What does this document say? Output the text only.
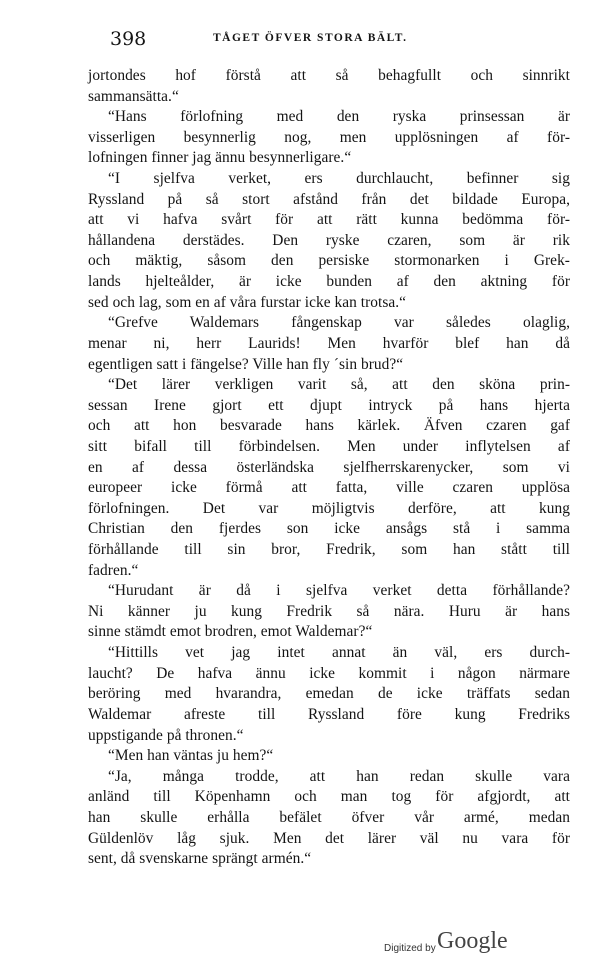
398	TÅGET ÖFVER STORA BÄLT.
jortondes hof förstå att så behagfullt och sinnrikt
sammansätta.“
“Hans förlofning med den ryska prinsessan är
visserligen besynnerlig nog, men upplösningen af för-
lofningen finner jag ännu besynnerligare.“
“I sjelfva verket, ers durchlaucht, befinner sig
Ryssland på så stort afstånd från det bildade Europa,
att vi hafva svårt för att rätt kunna bedömma för-
hållandena derstädes. Den ryske czaren, som är rik
och mäktig, såsom den persiske stormonarken i Grek-
lands hjelteålder, är icke bunden af den aktning för
sed och lag, som en af våra furstar icke kan trotsa.“
“Grefve Waldemars fångenskap var således olaglig,
menar ni, herr Laurids! Men hvarför blef han då
egentligen satt i fängelse? Ville han fly ˊsin brud?“
“Det lärer verkligen varit så, att den sköna prin-
sessan Irene gjort ett djupt intryck på hans hjerta
och att hon besvarade hans kärlek. Äfven czaren gaf
sitt bifall till förbindelsen. Men under inflytelsen af
en af dessa österländska sjelfherrskarenycker, som vi
europeer icke förmå att fatta, ville czaren upplösa
förlofningen. Det var möjligtvis derföre, att kung
Christian den fjerdes son icke ansågs stå i samma
förhållande till sin bror, Fredrik, som han stått till
fadren.“
“Hurudant är då i sjelfva verket detta förhållande?
Ni känner ju kung Fredrik så nära. Huru är hans
sinne stämdt emot brodren, emot Waldemar?“
“Hittills vet jag intet annat än väl, ers durch-
laucht? De hafva ännu icke kommit i någon närmare
beröring med hvarandra, emedan de icke träffats sedan
Waldemar afreste till Ryssland före kung Fredriks
uppstigande på thronen.“
“Men han väntas ju hem?“
“Ja, många trodde, att han redan skulle vara
anländ till Köpenhamn och man tog för afgjordt, att
han skulle erhålla befälet öfver vår armé, medan
Güldenlöv låg sjuk. Men det lärer väl nu vara för
sent, då svenskarne sprängt armén.“
Digitized by Google
